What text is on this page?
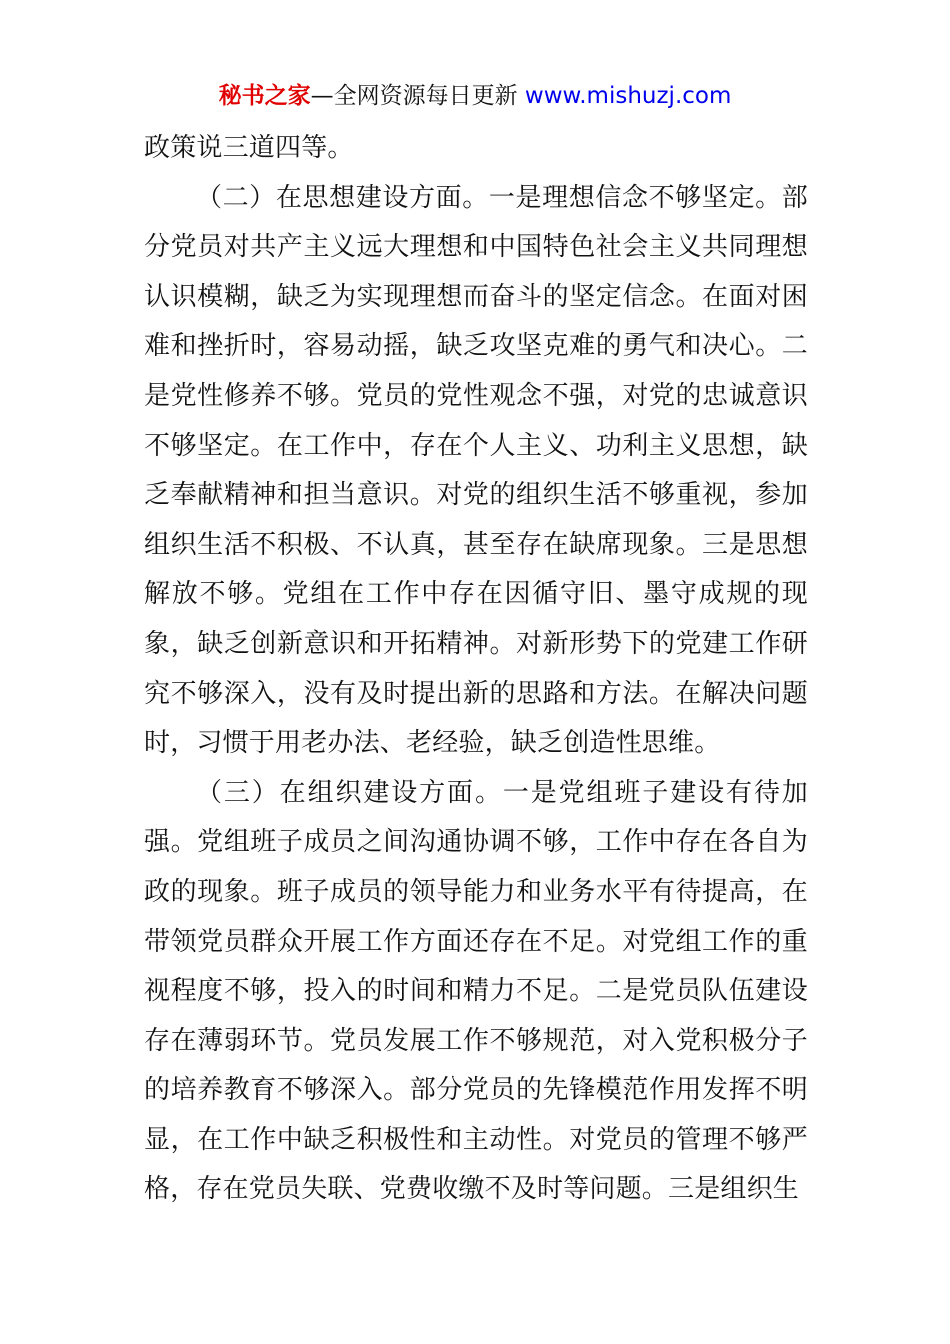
秘书之家—全网资源每日更新 www.mishuzj.com

政策说三道四等。

（二）在思想建设方面。一是理想信念不够坚定。部分党员对共产主义远大理想和中国特色社会主义共同理想认识模糊，缺乏为实现理想而奋斗的坚定信念。在面对困难和挫折时，容易动摇，缺乏攻坚克难的勇气和决心。二是党性修养不够。党员的党性观念不强，对党的忠诚意识不够坚定。在工作中，存在个人主义、功利主义思想，缺乏奉献精神和担当意识。对党的组织生活不够重视，参加组织生活不积极、不认真，甚至存在缺席现象。三是思想解放不够。党组在工作中存在因循守旧、墨守成规的现象，缺乏创新意识和开拓精神。对新形势下的党建工作研究不够深入，没有及时提出新的思路和方法。在解决问题时，习惯于用老办法、老经验，缺乏创造性思维。

（三）在组织建设方面。一是党组班子建设有待加强。党组班子成员之间沟通协调不够，工作中存在各自为政的现象。班子成员的领导能力和业务水平有待提高，在带领党员群众开展工作方面还存在不足。对党组工作的重视程度不够，投入的时间和精力不足。二是党员队伍建设存在薄弱环节。党员发展工作不够规范，对入党积极分子的培养教育不够深入。部分党员的先锋模范作用发挥不明显，在工作中缺乏积极性和主动性。对党员的管理不够严格，存在党员失联、党费收缴不及时等问题。三是组织生
